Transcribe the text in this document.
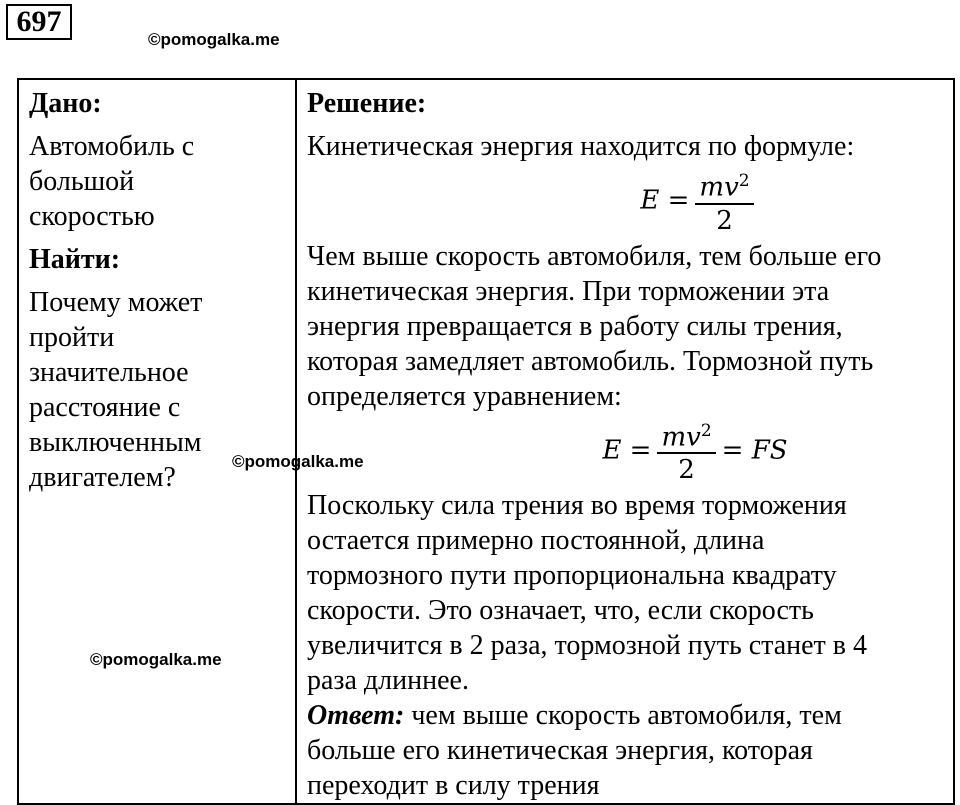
697
©pomogalka.me
©pomogalka.me
©pomogalka.me

Дано:

Автомобиль с

большой

скоростью

Найти:

Почему может

пройти

значительное

расстояние с

выключенным

двигателем?

Решение:

Кинетическая энергия находится по формуле:

$E = \frac{mv^2}{2}$

Чем выше скорость автомобиля, тем больше его

кинетическая энергия. При торможении эта

энергия превращается в работу силы трения,

которая замедляет автомобиль. Тормозной путь

определяется уравнением:

$E = \frac{mv^2}{2}$ = FS

Поскольку сила трения во время торможения

остается примерно постоянной, длина

тормозного пути пропорциональна квадрату

скорости. Это означает, что, если скорость

увеличится в 2 раза, тормозной путь станет в 4

раза длиннее.

Ответ: чем выше скорость автомобиля, тем

больше его кинетическая энергия, которая

переходит в силу трения
